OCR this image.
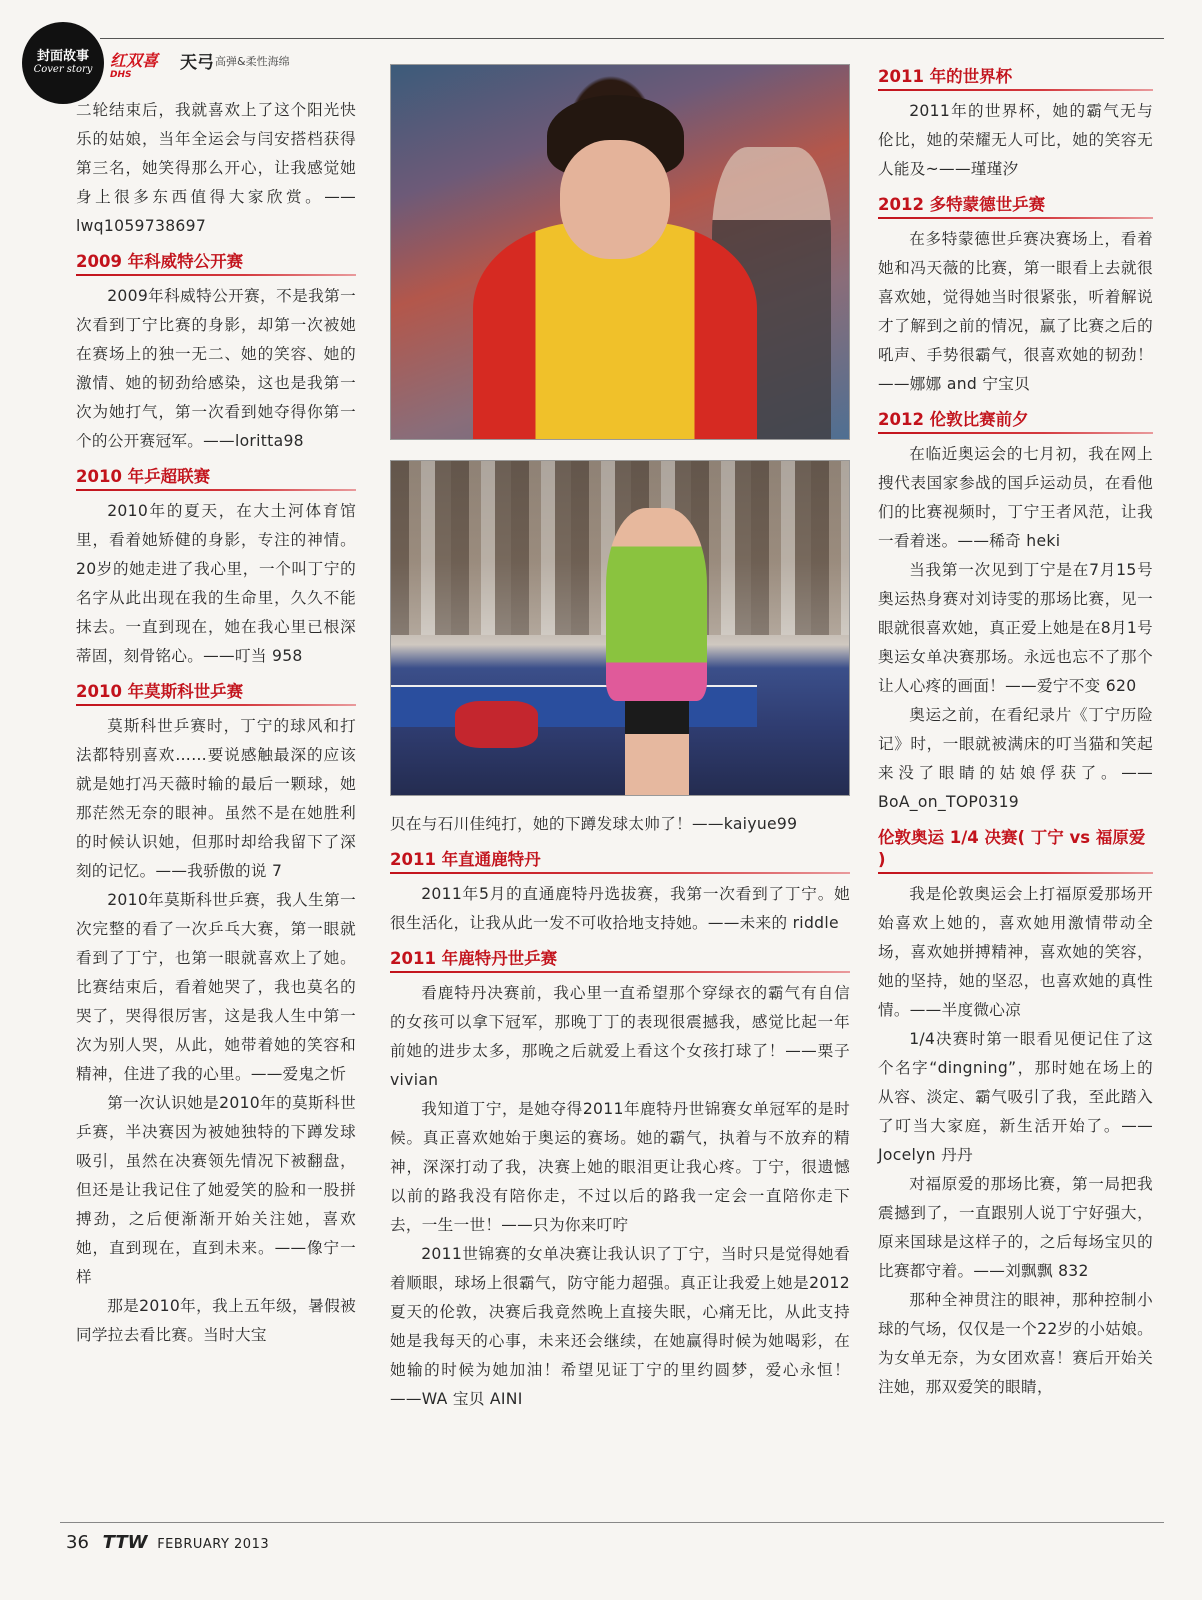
封面故事
Cover story	红双喜
DHS
天弓 高弹&柔性海绵

二轮结束后，我就喜欢上了这个阳光快乐的姑娘，当年全运会与闫安搭档获得第三名，她笑得那么开心，让我感觉她身上很多东西值得大家欣赏。——lwq1059738697

2009 年科威特公开赛

2009年科威特公开赛，不是我第一次看到丁宁比赛的身影，却第一次被她在赛场上的独一无二、她的笑容、她的激情、她的韧劲给感染，这也是我第一次为她打气，第一次看到她夺得你第一个的公开赛冠军。——loritta98

2010 年乒超联赛

2010年的夏天，在大土河体育馆里，看着她矫健的身影，专注的神情。20岁的她走进了我心里，一个叫丁宁的名字从此出现在我的生命里，久久不能抹去。一直到现在，她在我心里已根深蒂固，刻骨铭心。——叮当 958

2010 年莫斯科世乒赛

莫斯科世乒赛时，丁宁的球风和打法都特别喜欢……要说感触最深的应该就是她打冯天薇时输的最后一颗球，她那茫然无奈的眼神。虽然不是在她胜利的时候认识她，但那时却给我留下了深刻的记忆。——我骄傲的说 7

2010年莫斯科世乒赛，我人生第一次完整的看了一次乒乓大赛，第一眼就看到了丁宁，也第一眼就喜欢上了她。比赛结束后，看着她哭了，我也莫名的哭了，哭得很厉害，这是我人生中第一次为别人哭，从此，她带着她的笑容和精神，住进了我的心里。——爱鬼之忻

第一次认识她是2010年的莫斯科世乒赛，半决赛因为被她独特的下蹲发球吸引，虽然在决赛领先情况下被翻盘，但还是让我记住了她爱笑的脸和一股拼搏劲，之后便渐渐开始关注她，喜欢她，直到现在，直到未来。——像宁一样

那是2010年，我上五年级，暑假被同学拉去看比赛。当时大宝

贝在与石川佳纯打，她的下蹲发球太帅了！——kaiyue99

2011 年直通鹿特丹

2011年5月的直通鹿特丹选拔赛，我第一次看到了丁宁。她很生活化，让我从此一发不可收拾地支持她。——未来的 riddle

2011 年鹿特丹世乒赛

看鹿特丹决赛前，我心里一直希望那个穿绿衣的霸气有自信的女孩可以拿下冠军，那晚丁丁的表现很震撼我，感觉比起一年前她的进步太多，那晚之后就爱上看这个女孩打球了！——栗子 vivian

我知道丁宁，是她夺得2011年鹿特丹世锦赛女单冠军的是时候。真正喜欢她始于奥运的赛场。她的霸气，执着与不放弃的精神，深深打动了我，决赛上她的眼泪更让我心疼。丁宁，很遗憾以前的路我没有陪你走，不过以后的路我一定会一直陪你走下去，一生一世！——只为你来叮咛

2011世锦赛的女单决赛让我认识了丁宁，当时只是觉得她看着顺眼，球场上很霸气，防守能力超强。真正让我爱上她是2012夏天的伦敦，决赛后我竟然晚上直接失眠，心痛无比，从此支持她是我每天的心事，未来还会继续，在她赢得时候为她喝彩，在她输的时候为她加油！希望见证丁宁的里约圆梦，爱心永恒！——WA 宝贝 AINI

2011 年的世界杯

2011年的世界杯，她的霸气无与伦比，她的荣耀无人可比，她的笑容无人能及~——瑾瑾汐

2012 多特蒙德世乒赛

在多特蒙德世乒赛决赛场上，看着她和冯天薇的比赛，第一眼看上去就很喜欢她，觉得她当时很紧张，听着解说才了解到之前的情况，赢了比赛之后的吼声、手势很霸气，很喜欢她的韧劲！——娜娜 and 宁宝贝

2012 伦敦比赛前夕

在临近奥运会的七月初，我在网上搜代表国家参战的国乒运动员，在看他们的比赛视频时，丁宁王者风范，让我一看着迷。——稀奇 heki

当我第一次见到丁宁是在7月15号奥运热身赛对刘诗雯的那场比赛，见一眼就很喜欢她，真正爱上她是在8月1号奥运女单决赛那场。永远也忘不了那个让人心疼的画面！——爱宁不变 620

奥运之前，在看纪录片《丁宁历险记》时，一眼就被满床的叮当猫和笑起来没了眼睛的姑娘俘获了。——BoA_on_TOP0319

伦敦奥运 1/4 决赛( 丁宁 vs 福原爱 )

我是伦敦奥运会上打福原爱那场开始喜欢上她的，喜欢她用激情带动全场，喜欢她拼搏精神，喜欢她的笑容，她的坚持，她的坚忍，也喜欢她的真性情。——半度微心凉

1/4决赛时第一眼看见便记住了这个名字“dingning”，那时她在场上的从容、淡定、霸气吸引了我，至此踏入了叮当大家庭，新生活开始了。——Jocelyn 丹丹

对福原爱的那场比赛，第一局把我震撼到了，一直跟别人说丁宁好强大，原来国球是这样子的，之后每场宝贝的比赛都守着。——刘飘飘 832

那种全神贯注的眼神，那种控制小球的气场，仅仅是一个22岁的小姑娘。为女单无奈，为女团欢喜！赛后开始关注她，那双爱笑的眼睛，

36 TTW FEBRUARY 2013
